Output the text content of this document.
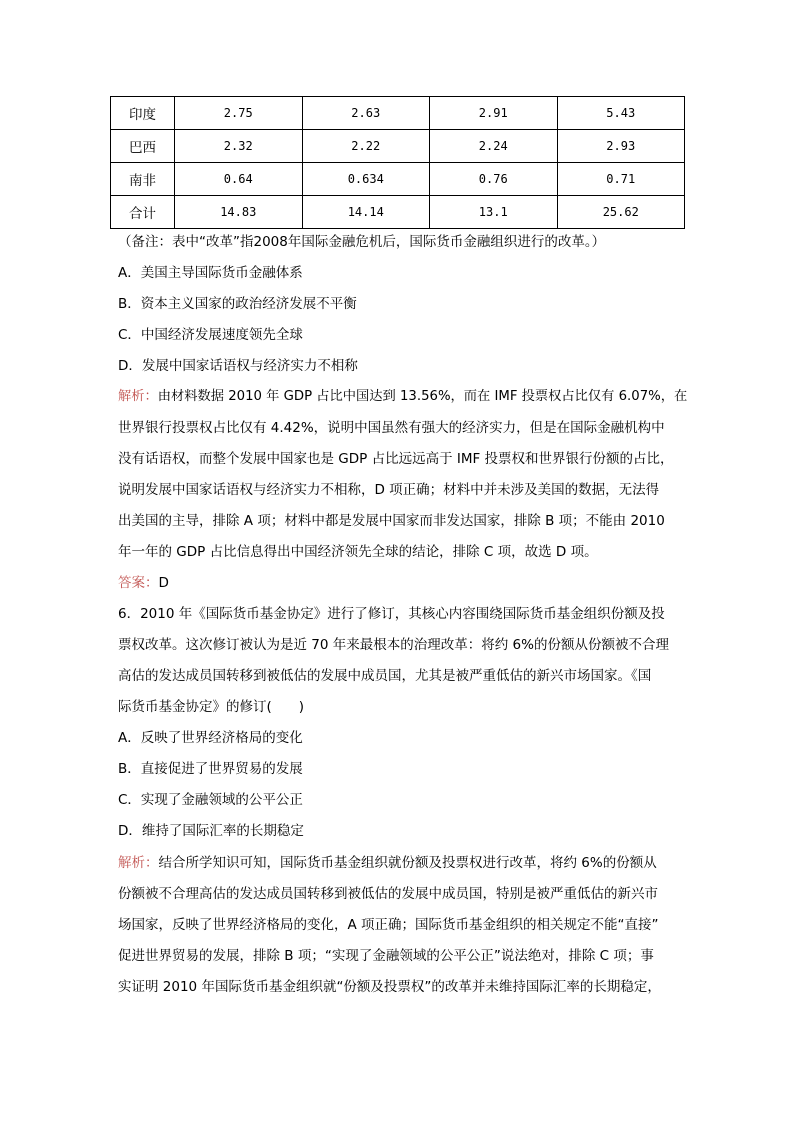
印度	2.75	2.63	2.91	5.43
巴西	2.32	2.22	2.24	2.93
南非	0.64	0.634	0.76	0.71
合计	14.83	14.14	13.1	25.62
（备注：表中“改革”指2008年国际金融危机后，国际货币金融组织进行的改革。）
A．美国主导国际货币金融体系
B．资本主义国家的政治经济发展不平衡
C．中国经济发展速度领先全球
D．发展中国家话语权与经济实力不相称
解析：由材料数据 2010 年 GDP 占比中国达到 13.56%，而在 IMF 投票权占比仅有 6.07%，在
世界银行投票权占比仅有 4.42%，说明中国虽然有强大的经济实力，但是在国际金融机构中
没有话语权，而整个发展中国家也是 GDP 占比远远高于 IMF 投票权和世界银行份额的占比，
说明发展中国家话语权与经济实力不相称，D 项正确；材料中并未涉及美国的数据，无法得
出美国的主导，排除 A 项；材料中都是发展中国家而非发达国家，排除 B 项；不能由 2010
年一年的 GDP 占比信息得出中国经济领先全球的结论，排除 C 项，故选 D 项。
答案：D
6．2010 年《国际货币基金协定》进行了修订，其核心内容围绕国际货币基金组织份额及投
票权改革。这次修订被认为是近 70 年来最根本的治理改革：将约 6%的份额从份额被不合理
高估的发达成员国转移到被低估的发展中成员国，尤其是被严重低估的新兴市场国家。《国
际货币基金协定》的修订(　　)
A．反映了世界经济格局的变化
B．直接促进了世界贸易的发展
C．实现了金融领域的公平公正
D．维持了国际汇率的长期稳定
解析：结合所学知识可知，国际货币基金组织就份额及投票权进行改革，将约 6%的份额从
份额被不合理高估的发达成员国转移到被低估的发展中成员国，特别是被严重低估的新兴市
场国家，反映了世界经济格局的变化，A 项正确；国际货币基金组织的相关规定不能“直接”
促进世界贸易的发展，排除 B 项；“实现了金融领域的公平公正”说法绝对，排除 C 项；事
实证明 2010 年国际货币基金组织就“份额及投票权”的改革并未维持国际汇率的长期稳定，
